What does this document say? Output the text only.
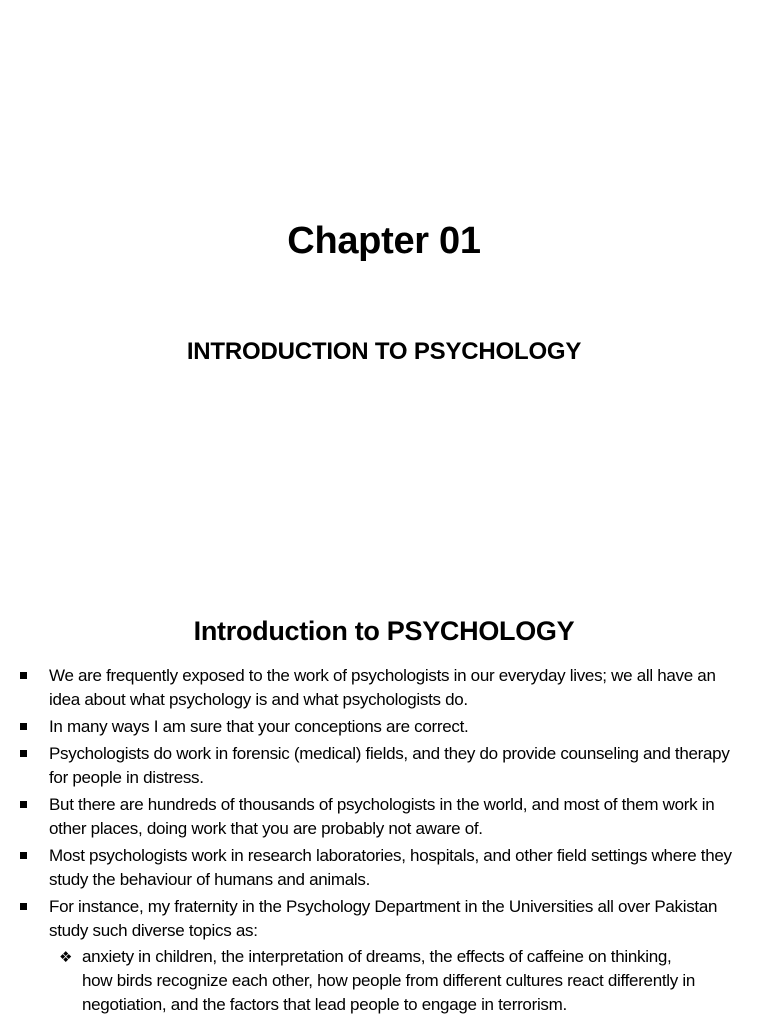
Chapter 01
INTRODUCTION TO PSYCHOLOGY
Introduction to PSYCHOLOGY
We are frequently exposed to the work of psychologists in our everyday lives; we all have an idea about what psychology is and what psychologists do.
In many ways I am sure that your conceptions are correct.
Psychologists do work in forensic (medical) fields, and they do provide counseling and therapy for people in distress.
But there are hundreds of thousands of psychologists in the world, and most of them work in other places, doing work that you are probably not aware of.
Most psychologists work in research laboratories, hospitals, and other field settings where they study the behaviour of humans and animals.
For instance, my fraternity in the Psychology Department in the Universities all over Pakistan study such diverse topics as:
❖ anxiety in children, the interpretation of dreams, the effects of caffeine on thinking, how birds recognize each other, how people from different cultures react differently in negotiation, and the factors that lead people to engage in terrorism.
